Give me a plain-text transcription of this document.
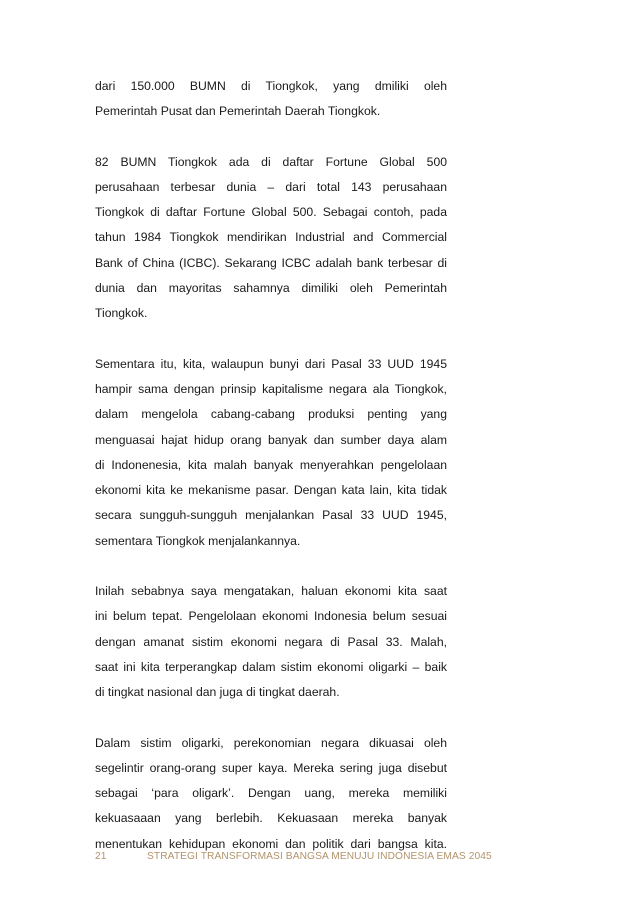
dari 150.000 BUMN di Tiongkok, yang dmiliki oleh
Pemerintah Pusat dan Pemerintah Daerah Tiongkok.

82 BUMN Tiongkok ada di daftar Fortune Global 500
perusahaan terbesar dunia – dari total 143 perusahaan
Tiongkok di daftar Fortune Global 500. Sebagai contoh, pada
tahun 1984 Tiongkok mendirikan Industrial and Commercial
Bank of China (ICBC). Sekarang ICBC adalah bank terbesar di
dunia dan mayoritas sahamnya dimiliki oleh Pemerintah
Tiongkok.

Sementara itu, kita, walaupun bunyi dari Pasal 33 UUD 1945
hampir sama dengan prinsip kapitalisme negara ala Tiongkok,
dalam mengelola cabang-cabang produksi penting yang
menguasai hajat hidup orang banyak dan sumber daya alam
di Indonenesia, kita malah banyak menyerahkan pengelolaan
ekonomi kita ke mekanisme pasar. Dengan kata lain, kita tidak
secara sungguh-sungguh menjalankan Pasal 33 UUD 1945,
sementara Tiongkok menjalankannya.

Inilah sebabnya saya mengatakan, haluan ekonomi kita saat
ini belum tepat. Pengelolaan ekonomi Indonesia belum sesuai
dengan amanat sistim ekonomi negara di Pasal 33. Malah,
saat ini kita terperangkap dalam sistim ekonomi oligarki – baik
di tingkat nasional dan juga di tingkat daerah.

Dalam sistim oligarki, perekonomian negara dikuasai oleh
segelintir orang-orang super kaya. Mereka sering juga disebut
sebagai ‘para oligark’. Dengan uang, mereka memiliki
kekuasaaan yang berlebih. Kekuasaan mereka banyak
menentukan kehidupan ekonomi dan politik dari bangsa kita.

21	STRATEGI TRANSFORMASI BANGSA MENUJU INDONESIA EMAS 2045
